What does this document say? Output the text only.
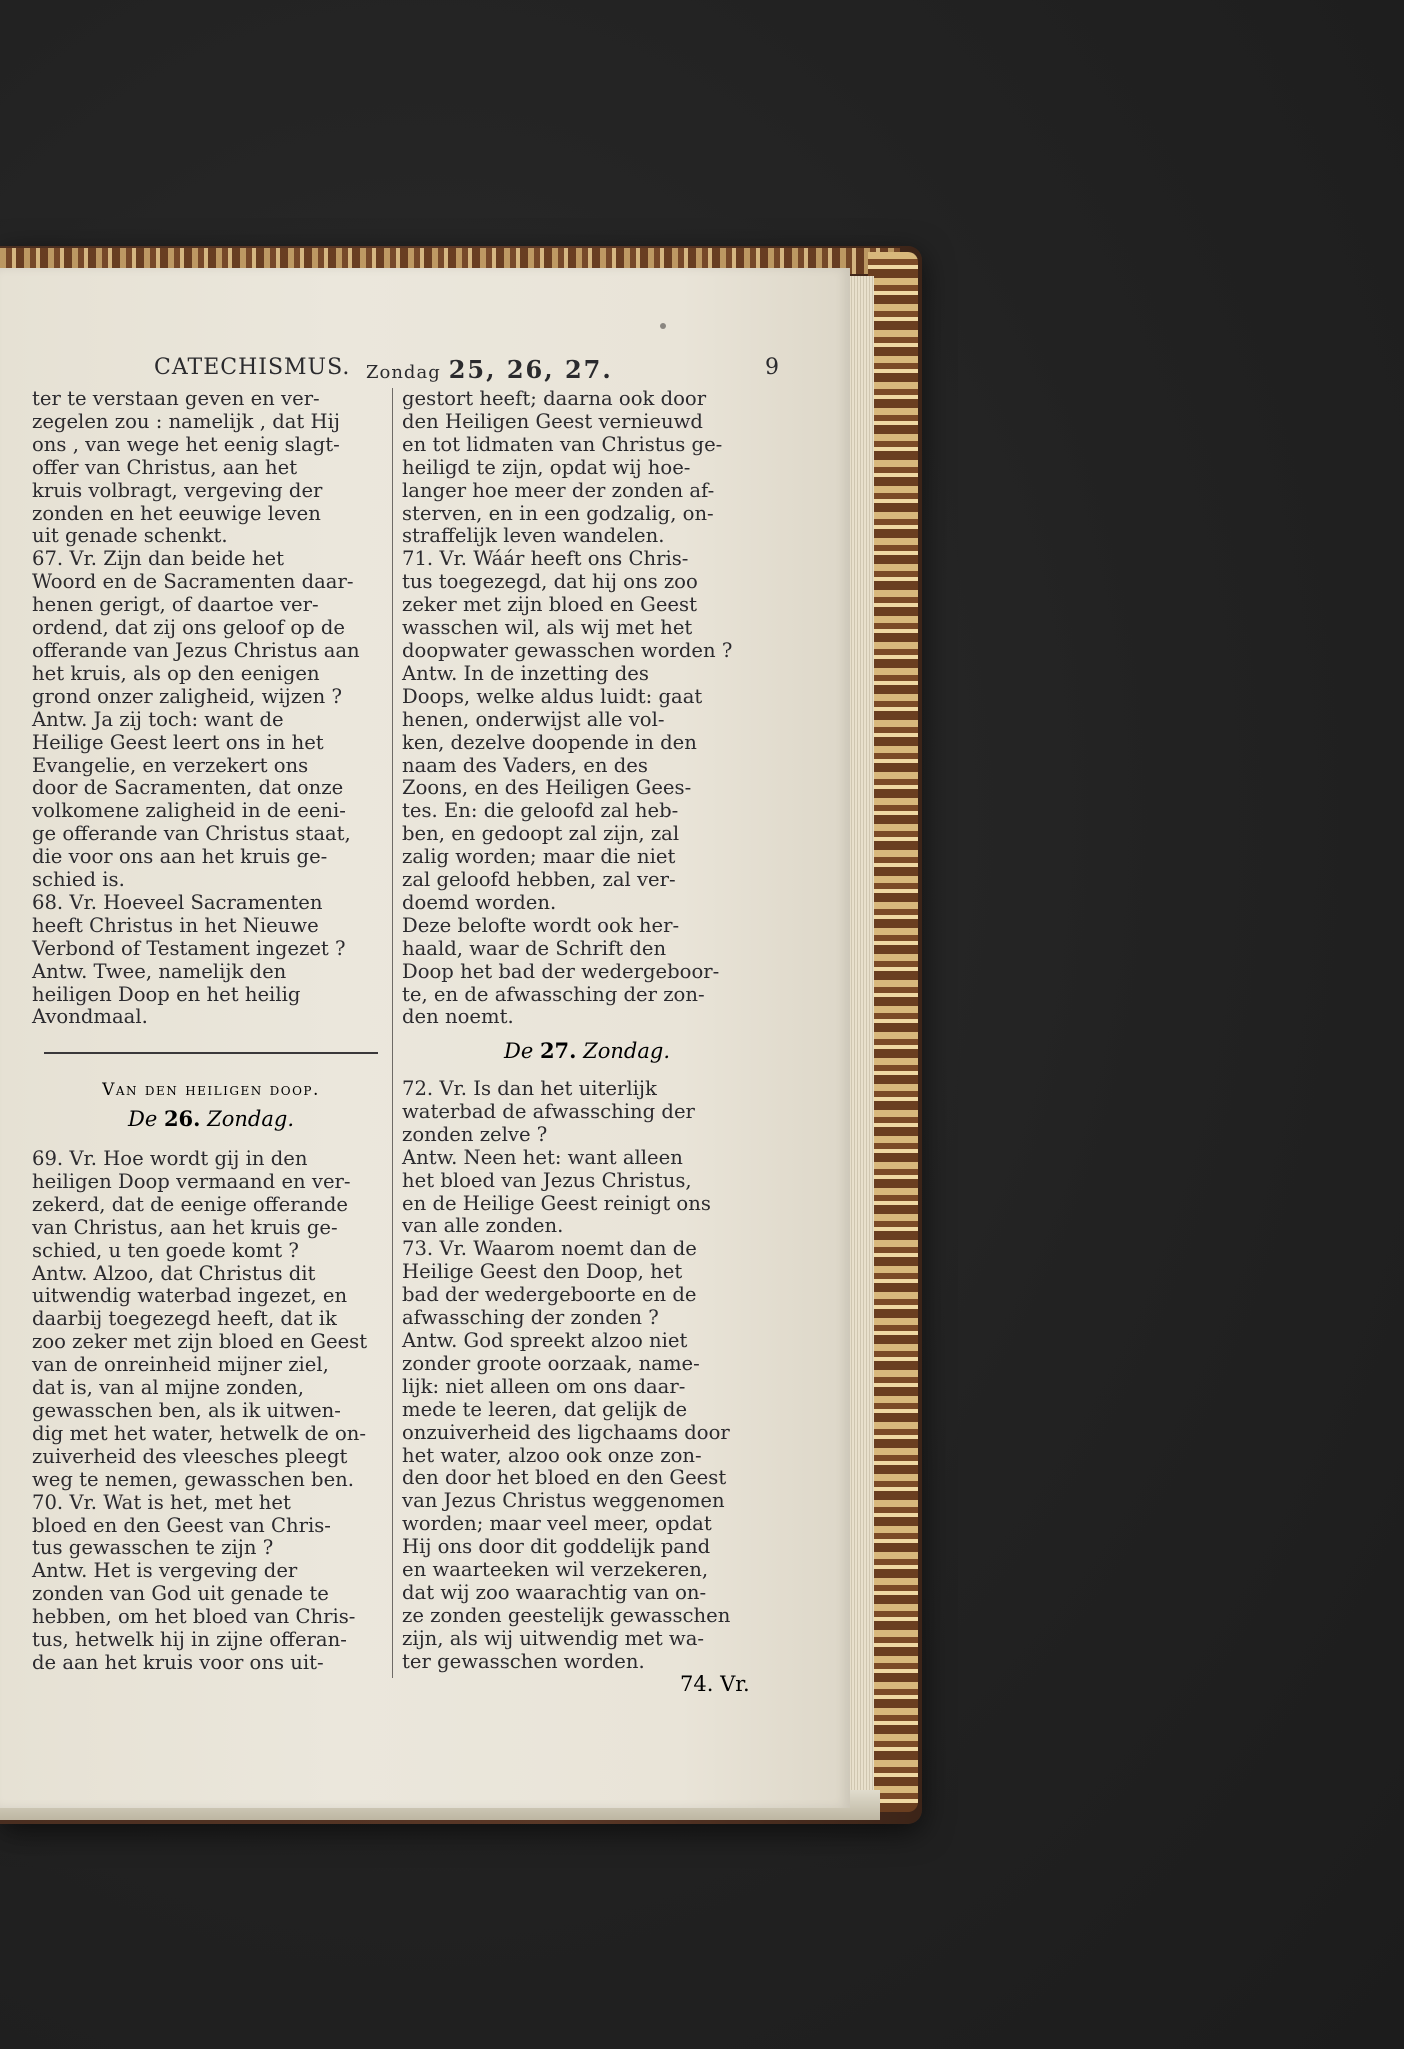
CATECHISMUS. Zondag 25, 26, 27.	9
ter te verstaan geven en ver-
zegelen zou : namelijk , dat Hij
ons , van wege het eenig slagt-
offer van Christus, aan het
kruis volbragt, vergeving der
zonden en het eeuwige leven
uit genade schenkt.
67. Vr. Zijn dan beide het
Woord en de Sacramenten daar-
henen gerigt, of daartoe ver-
ordend, dat zij ons geloof op de
offerande van Jezus Christus aan
het kruis, als op den eenigen
grond onzer zaligheid, wijzen ?
Antw. Ja zij toch: want de
Heilige Geest leert ons in het
Evangelie, en verzekert ons
door de Sacramenten, dat onze
volkomene zaligheid in de eeni-
ge offerande van Christus staat,
die voor ons aan het kruis ge-
schied is.
68. Vr. Hoeveel Sacramenten
heeft Christus in het Nieuwe
Verbond of Testament ingezet ?
Antw. Twee, namelijk den
heiligen Doop en het heilig
Avondmaal.
Van den heiligen doop.
De 26. Zondag.
69. Vr. Hoe wordt gij in den
heiligen Doop vermaand en ver-
zekerd, dat de eenige offerande
van Christus, aan het kruis ge-
schied, u ten goede komt ?
Antw. Alzoo, dat Christus dit
uitwendig waterbad ingezet, en
daarbij toegezegd heeft, dat ik
zoo zeker met zijn bloed en Geest
van de onreinheid mijner ziel,
dat is, van al mijne zonden,
gewasschen ben, als ik uitwen-
dig met het water, hetwelk de on-
zuiverheid des vleesches pleegt
weg te nemen, gewasschen ben.
70. Vr. Wat is het, met het
bloed en den Geest van Chris-
tus gewasschen te zijn ?
Antw. Het is vergeving der
zonden van God uit genade te
hebben, om het bloed van Chris-
tus, hetwelk hij in zijne offeran-
de aan het kruis voor ons uit-
gestort heeft; daarna ook door
den Heiligen Geest vernieuwd
en tot lidmaten van Christus ge-
heiligd te zijn, opdat wij hoe-
langer hoe meer der zonden af-
sterven, en in een godzalig, on-
straffelijk leven wandelen.
71. Vr. Wáár heeft ons Chris-
tus toegezegd, dat hij ons zoo
zeker met zijn bloed en Geest
wasschen wil, als wij met het
doopwater gewasschen worden ?
Antw. In de inzetting des
Doops, welke aldus luidt: gaat
henen, onderwijst alle vol-
ken, dezelve doopende in den
naam des Vaders, en des
Zoons, en des Heiligen Gees-
tes. En: die geloofd zal heb-
ben, en gedoopt zal zijn, zal
zalig worden; maar die niet
zal geloofd hebben, zal ver-
doemd worden.
Deze belofte wordt ook her-
haald, waar de Schrift den
Doop het bad der wedergeboor-
te, en de afwassching der zon-
den noemt.
De 27. Zondag.
72. Vr. Is dan het uiterlijk
waterbad de afwassching der
zonden zelve ?
Antw. Neen het: want alleen
het bloed van Jezus Christus,
en de Heilige Geest reinigt ons
van alle zonden.
73. Vr. Waarom noemt dan de
Heilige Geest den Doop, het
bad der wedergeboorte en de
afwassching der zonden ?
Antw. God spreekt alzoo niet
zonder groote oorzaak, name-
lijk: niet alleen om ons daar-
mede te leeren, dat gelijk de
onzuiverheid des ligchaams door
het water, alzoo ook onze zon-
den door het bloed en den Geest
van Jezus Christus weggenomen
worden; maar veel meer, opdat
Hij ons door dit goddelijk pand
en waarteeken wil verzekeren,
dat wij zoo waarachtig van on-
ze zonden geestelijk gewasschen
zijn, als wij uitwendig met wa-
ter gewasschen worden.
74. Vr.
